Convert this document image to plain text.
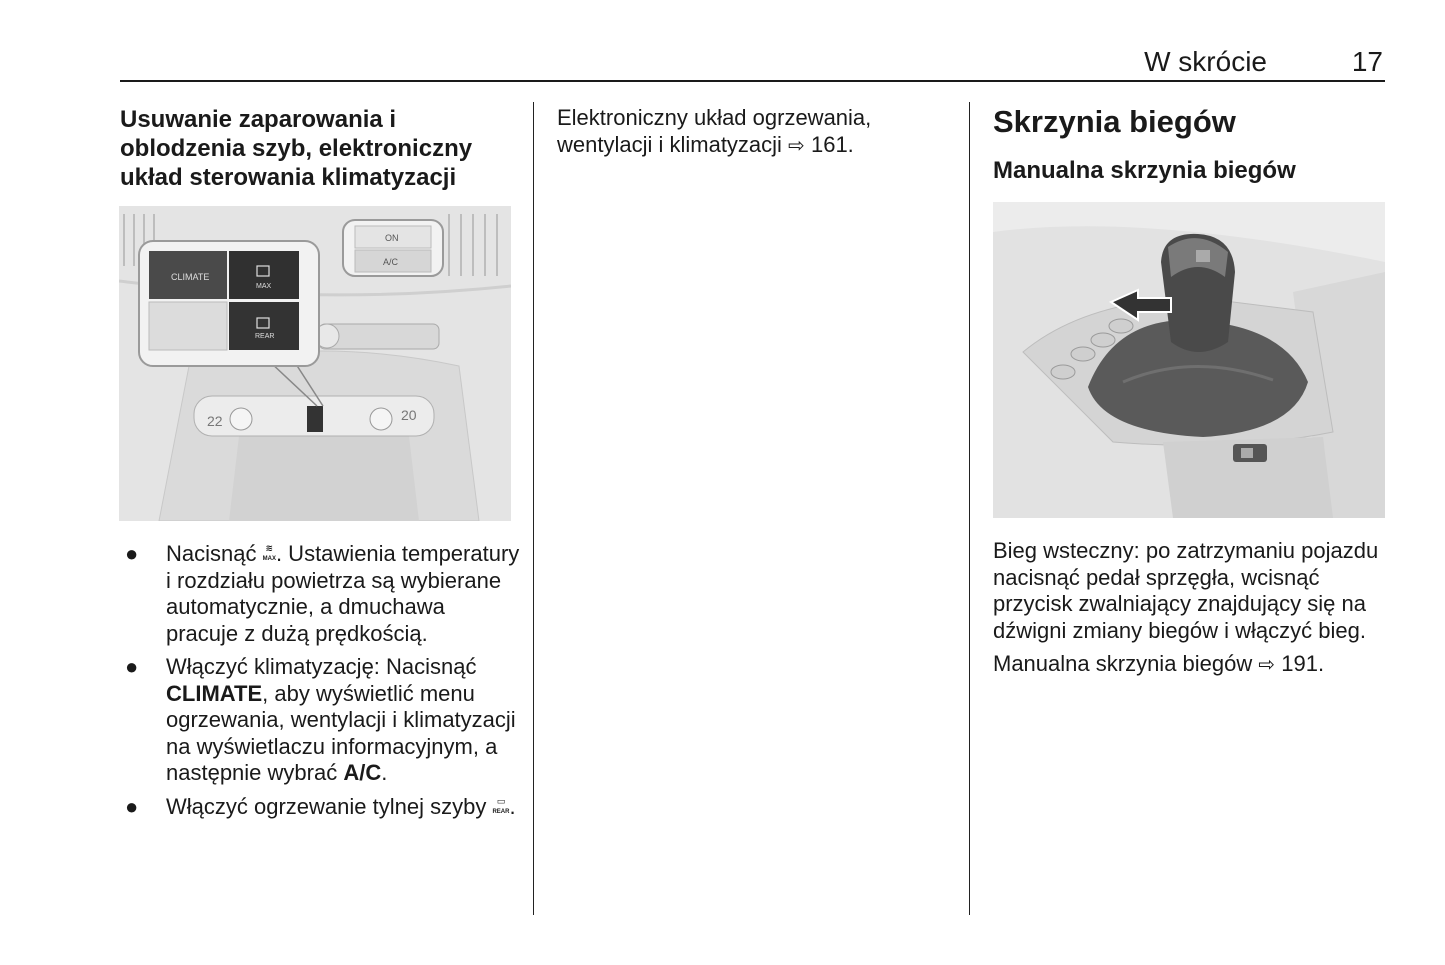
W skrócie	17
Usuwanie zaparowania i oblodzenia szyb, elektroniczny układ sterowania klimatyzacji
22	20
CLIMATE
MAX
REAR
ON
A/C
● Nacisnąć ≋
MAX. Ustawienia temperatury i rozdziału powietrza są wybierane automatycznie, a dmuchawa pracuje z dużą prędkością.
● Włączyć klimatyzację: Nacisnąć CLIMATE, aby wyświetlić menu ogrzewania, wentylacji i klimatyzacji na wyświetlaczu informacyjnym, a następnie wybrać A/C.
● Włączyć ogrzewanie tylnej szyby ▭
REAR.
Elektroniczny układ ogrzewania, wentylacji i klimatyzacji ⇨ 161.
Skrzynia biegów
Manualna skrzynia biegów

Bieg wsteczny: po zatrzymaniu pojazdu nacisnąć pedał sprzęgła, wcisnąć przycisk zwalniający znajdujący się na dźwigni zmiany biegów i włączyć bieg.

Manualna skrzynia biegów ⇨ 191.
